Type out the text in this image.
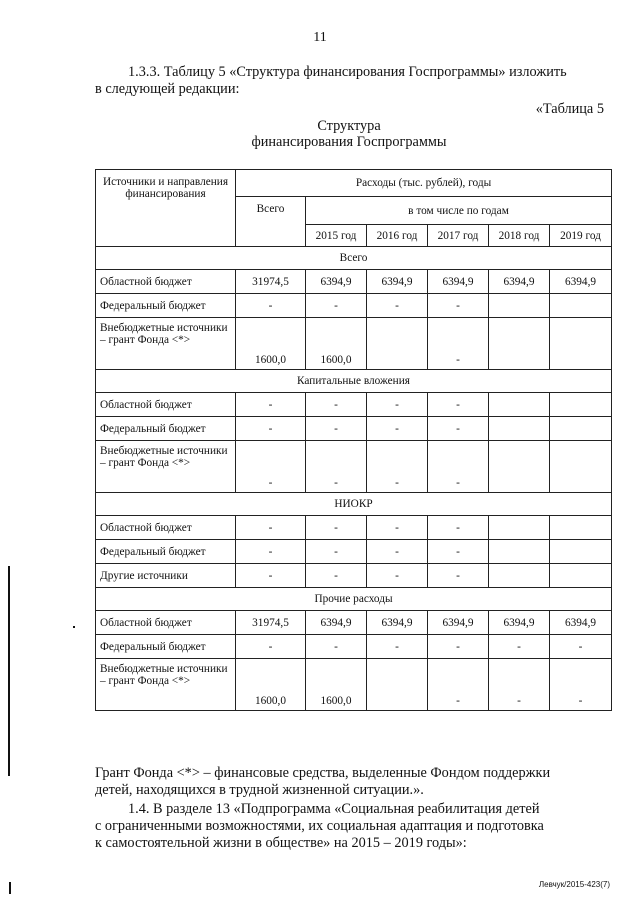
11
1.3.3. Таблицу 5 «Структура финансирования Госпрограммы» изложить
в следующей редакции:
«Таблица 5
Структура
финансирования Госпрограммы
Источники и направления финансирования	Расходы (тыс. рублей), годы					
	Всего	в том числе по годам				
		2015 год	2016 год	2017 год	2018 год	2019 год
Всего						
Областной бюджет	31974,5	6394,9	6394,9	6394,9	6394,9	6394,9
Федеральный бюджет	-	-	-	-		
Внебюджетные источники – грант Фонда <*>	1600,0	1600,0		-		
Капитальные вложения						
Областной бюджет	-	-	-	-		
Федеральный бюджет	-	-	-	-		
Внебюджетные источники – грант Фонда <*>	-	-	-	-		
НИОКР						
Областной бюджет	-	-	-	-		
Федеральный бюджет	-	-	-	-		
Другие источники	-	-	-	-		
Прочие расходы						
Областной бюджет	31974,5	6394,9	6394,9	6394,9	6394,9	6394,9
Федеральный бюджет	-	-	-	-	-	-
Внебюджетные источники – грант Фонда <*>	1600,0	1600,0		-	-	-
Грант Фонда <*> – финансовые средства, выделенные Фондом поддержки
детей, находящихся в трудной жизненной ситуации.».
1.4. В разделе 13 «Подпрограмма «Социальная реабилитация детей
с ограниченными возможностями, их социальная адаптация и подготовка
к самостоятельной жизни в обществе» на 2015 – 2019 годы»:
Левчук/2015-423(7)
